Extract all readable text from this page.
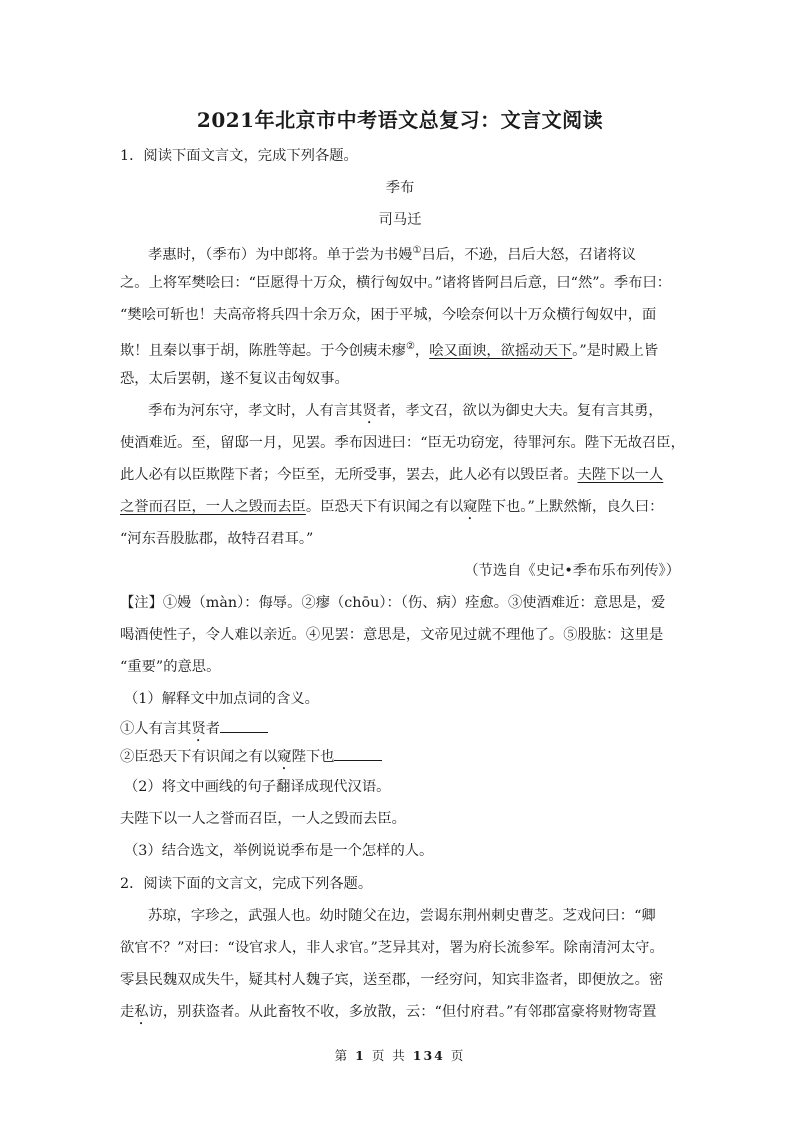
2021年北京市中考语文总复习：文言文阅读
1．阅读下面文言文，完成下列各题。
季布
司马迁
孝惠时，（季布）为中郎将。单于尝为书嫚①吕后，不逊，吕后大怒，召诸将议
之。上将军樊哙曰：“臣愿得十万众，横行匈奴中。”诸将皆阿吕后意，曰“然”。季布曰：
“樊哙可斩也！夫高帝将兵四十余万众，困于平城，今哙奈何以十万众横行匈奴中，面
欺！且秦以事于胡，陈胜等起。于今创痍未瘳②，哙又面谀，欲摇动天下。”是时殿上皆
恐，太后罢朝，遂不复议击匈奴事。
季布为河东守，孝文时，人有言其贤者，孝文召，欲以为御史大夫。复有言其勇，
使酒难近。至，留邸一月，见罢。季布因进曰：“臣无功窃宠，待罪河东。陛下无故召臣，
此人必有以臣欺陛下者；今臣至，无所受事，罢去，此人必有以毁臣者。夫陛下以一人
之誉而召臣，一人之毁而去臣。臣恐天下有识闻之有以窥陛下也。”上默然惭，良久曰：
“河东吾股肱郡，故特召君耳。”
（节选自《史记•季布乐布列传》）
【注】①嫚（màn）：侮辱。②瘳（chōu）：（伤、病）痊愈。③使酒难近：意思是，爱
喝酒使性子，令人难以亲近。④见罢：意思是，文帝见过就不理他了。⑤股肱：这里是
“重要”的意思。
（1）解释文中加点词的含义。
①人有言其贤者
②臣恐天下有识闻之有以窥陛下也
（2）将文中画线的句子翻译成现代汉语。
夫陛下以一人之誉而召臣，一人之毁而去臣。
（3）结合选文，举例说说季布是一个怎样的人。
2．阅读下面的文言文，完成下列各题。
苏琼，字珍之，武强人也。幼时随父在边，尝谒东荆州刺史曹芝。芝戏问曰：“卿
欲官不？”对曰：“设官求人，非人求官。”芝异其对，署为府长流参军。除南清河太守。
零县民魏双成失牛，疑其村人魏子宾，送至郡，一经穷问，知宾非盗者，即便放之。密
走私访，别获盗者。从此畜牧不收，多放散，云：“但付府君。”有邻郡富豪将财物寄置
第 1 页 共 134 页
